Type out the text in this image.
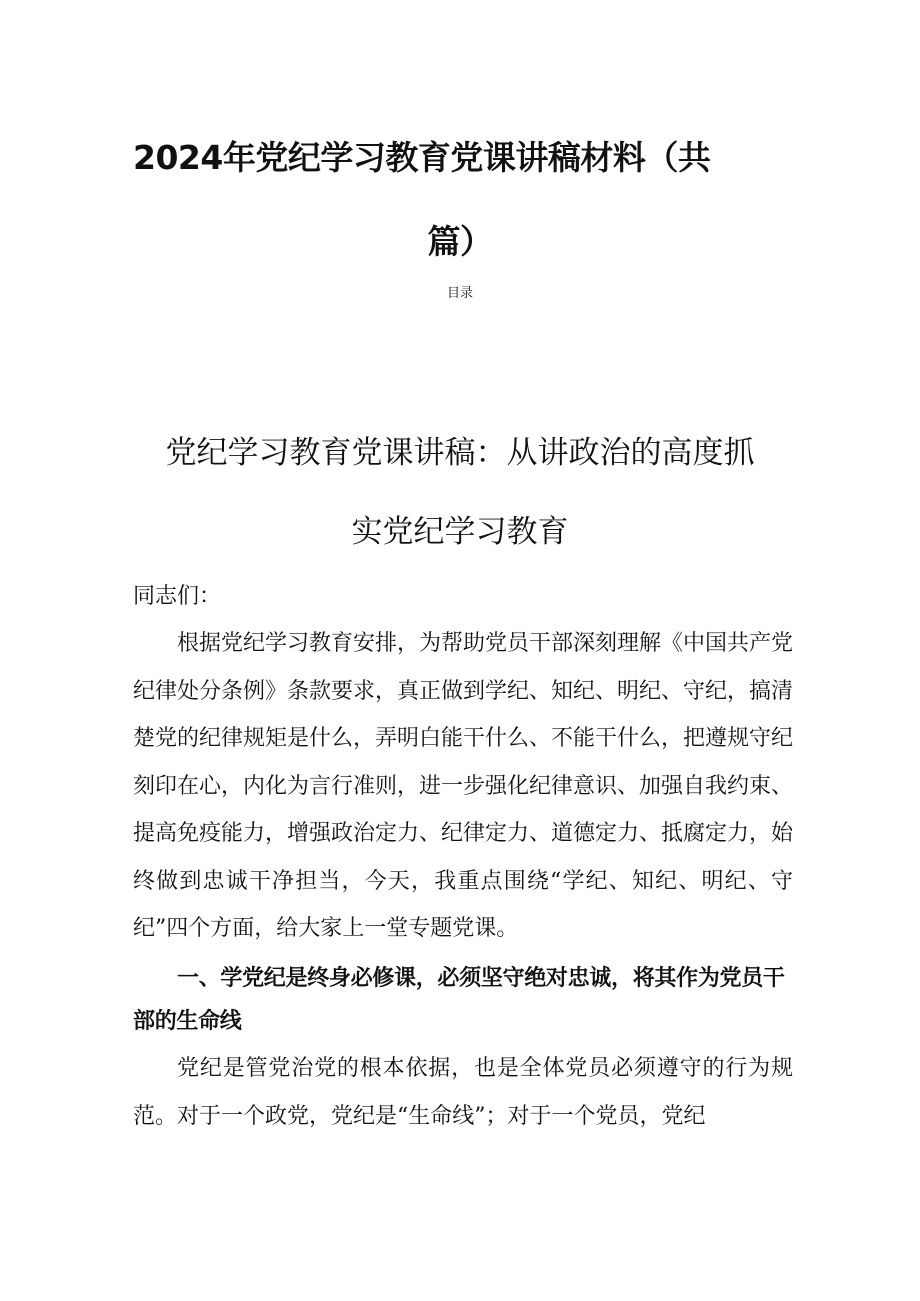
2024年党纪学习教育党课讲稿材料（共
篇）
目录
党纪学习教育党课讲稿：从讲政治的高度抓
实党纪学习教育

同志们：

根据党纪学习教育安排，为帮助党员干部深刻理解《中国共产党纪律处分条例》条款要求，真正做到学纪、知纪、明纪、守纪，搞清楚党的纪律规矩是什么，弄明白能干什么、不能干什么，把遵规守纪刻印在心，内化为言行准则，进一步强化纪律意识、加强自我约束、提高免疫能力，增强政治定力、纪律定力、道德定力、抵腐定力，始终做到忠诚干净担当，今天，我重点围绕“学纪、知纪、明纪、守纪”四个方面，给大家上一堂专题党课。

一、学党纪是终身必修课，必须坚守绝对忠诚，将其作为党员干部的生命线

党纪是管党治党的根本依据，也是全体党员必须遵守的行为规范。对于一个政党，党纪是“生命线”；对于一个党员，党纪
